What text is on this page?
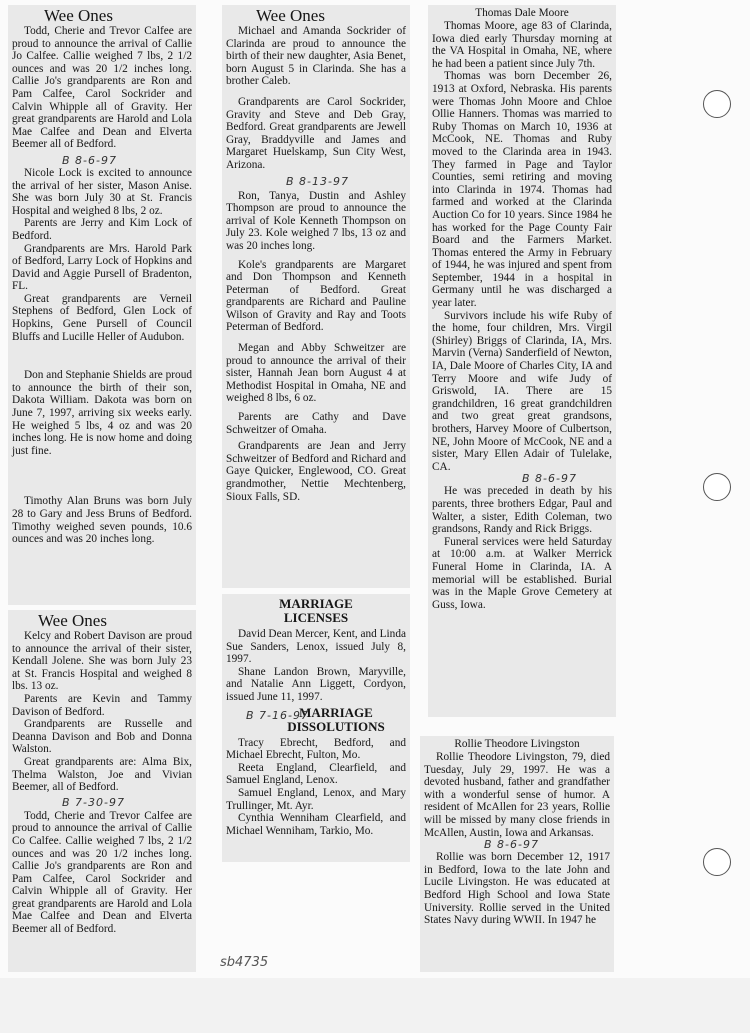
Wee Ones

Todd, Cherie and Trevor Calfee are proud to announce the arrival of Callie Jo Calfee. Callie weighed 7 lbs, 2 1/2 ounces and was 20 1/2 inches long. Callie Jo's grandparents are Ron and Pam Calfee, Carol Sockrider and Calvin Whipple all of Gravity. Her great grandparents are Harold and Lola Mae Calfee and Dean and Elverta Beemer all of Bedford.

B 8-6-97

Nicole Lock is excited to announce the arrival of her sister, Mason Anise. She was born July 30 at St. Francis Hospital and weighed 8 lbs, 2 oz.

Parents are Jerry and Kim Lock of Bedford.

Grandparents are Mrs. Harold Park of Bedford, Larry Lock of Hopkins and David and Aggie Pursell of Bradenton, FL.

Great grandparents are Verneil Stephens of Bedford, Glen Lock of Hopkins, Gene Pursell of Council Bluffs and Lucille Heller of Audubon.

Don and Stephanie Shields are proud to announce the birth of their son, Dakota William. Dakota was born on June 7, 1997, arriving six weeks early. He weighed 5 lbs, 4 oz and was 20 inches long. He is now home and doing just fine.

Timothy Alan Bruns was born July 28 to Gary and Jess Bruns of Bedford. Timothy weighed seven pounds, 10.6 ounces and was 20 inches long.

Wee Ones

Kelcy and Robert Davison are proud to announce the arrival of their sister, Kendall Jolene. She was born July 23 at St. Francis Hospital and weighed 8 lbs. 13 oz.

Parents are Kevin and Tammy Davison of Bedford.

Grandparents are Russelle and Deanna Davison and Bob and Donna Walston.

Great grandparents are: Alma Bix, Thelma Walston, Joe and Vivian Beemer, all of Bedford.

B 7-30-97

Todd, Cherie and Trevor Calfee are proud to announce the arrival of Callie Co Calfee. Callie weighed 7 lbs, 2 1/2 ounces and was 20 1/2 inches long. Callie Jo's grandparents are Ron and Pam Calfee, Carol Sockrider and Calvin Whipple all of Gravity. Her great grandparents are Harold and Lola Mae Calfee and Dean and Elverta Beemer all of Bedford.

Wee Ones

Michael and Amanda Sockrider of Clarinda are proud to announce the birth of their new daughter, Asia Benet, born August 5 in Clarinda. She has a brother Caleb.

Grandparents are Carol Sockrider, Gravity and Steve and Deb Gray, Bedford. Great grandparents are Jewell Gray, Braddyville and James and Margaret Huelskamp, Sun City West, Arizona.

B 8-13-97

Ron, Tanya, Dustin and Ashley Thompson are proud to announce the arrival of Kole Kenneth Thompson on July 23. Kole weighed 7 lbs, 13 oz and was 20 inches long.

Kole's grandparents are Margaret and Don Thompson and Kenneth Peterman of Bedford. Great grandparents are Richard and Pauline Wilson of Gravity and Ray and Toots Peterman of Bedford.

Megan and Abby Schweitzer are proud to announce the arrival of their sister, Hannah Jean born August 4 at Methodist Hospital in Omaha, NE and weighed 8 lbs, 6 oz.

Parents are Cathy and Dave Schweitzer of Omaha.

Grandparents are Jean and Jerry Schweitzer of Bedford and Richard and Gaye Quicker, Englewood, CO. Great grandmother, Nettie Mechtenberg, Sioux Falls, SD.

MARRIAGE
LICENSES

David Dean Mercer, Kent, and Linda Sue Sanders, Lenox, issued July 8, 1997.

Shane Landon Brown, Maryville, and Natalie Ann Liggett, Cordyon, issued June 11, 1997.

B 7-16-97
MARRIAGE
DISSOLUTIONS

Tracy Ebrecht, Bedford, and Michael Ebrecht, Fulton, Mo.

Reeta England, Clearfield, and Samuel England, Lenox.

Samuel England, Lenox, and Mary Trullinger, Mt. Ayr.

Cynthia Wenniham Clearfield, and Michael Wenniham, Tarkio, Mo.

Thomas Dale Moore

Thomas Moore, age 83 of Clarinda, Iowa died early Thursday morning at the VA Hospital in Omaha, NE, where he had been a patient since July 7th.

Thomas was born December 26, 1913 at Oxford, Nebraska. His parents were Thomas John Moore and Chloe Ollie Hanners. Thomas was married to Ruby Thomas on March 10, 1936 at McCook, NE. Thomas and Ruby moved to the Clarinda area in 1943. They farmed in Page and Taylor Counties, semi retiring and moving into Clarinda in 1974. Thomas had farmed and worked at the Clarinda Auction Co for 10 years. Since 1984 he has worked for the Page County Fair Board and the Farmers Market. Thomas entered the Army in February of 1944, he was injured and spent from September, 1944 in a hospital in Germany until he was discharged a year later.

Survivors include his wife Ruby of the home, four children, Mrs. Virgil (Shirley) Briggs of Clarinda, IA, Mrs. Marvin (Verna) Sanderfield of Newton, IA, Dale Moore of Charles City, IA and Terry Moore and wife Judy of Griswold, IA. There are 15 grandchildren, 16 great grandchildren and two great great grandsons, brothers, Harvey Moore of Culbertson, NE, John Moore of McCook, NE and a sister, Mary Ellen Adair of Tulelake, CA.

B 8-6-97

He was preceded in death by his parents, three brothers Edgar, Paul and Walter, a sister, Edith Coleman, two grandsons, Randy and Rick Briggs.

Funeral services were held Saturday at 10:00 a.m. at Walker Merrick Funeral Home in Clarinda, IA. A memorial will be established. Burial was in the Maple Grove Cemetery at Guss, Iowa.

Rollie Theodore Livingston

Rollie Theodore Livingston, 79, died Tuesday, July 29, 1997. He was a devoted husband, father and grandfather with a wonderful sense of humor. A resident of McAllen for 23 years, Rollie will be missed by many close friends in McAllen, Austin, Iowa and Arkansas.

B 8-6-97

Rollie was born December 12, 1917 in Bedford, Iowa to the late John and Lucile Livingston. He was educated at Bedford High School and Iowa State University. Rollie served in the United States Navy during WWII. In 1947 he

sb4735
